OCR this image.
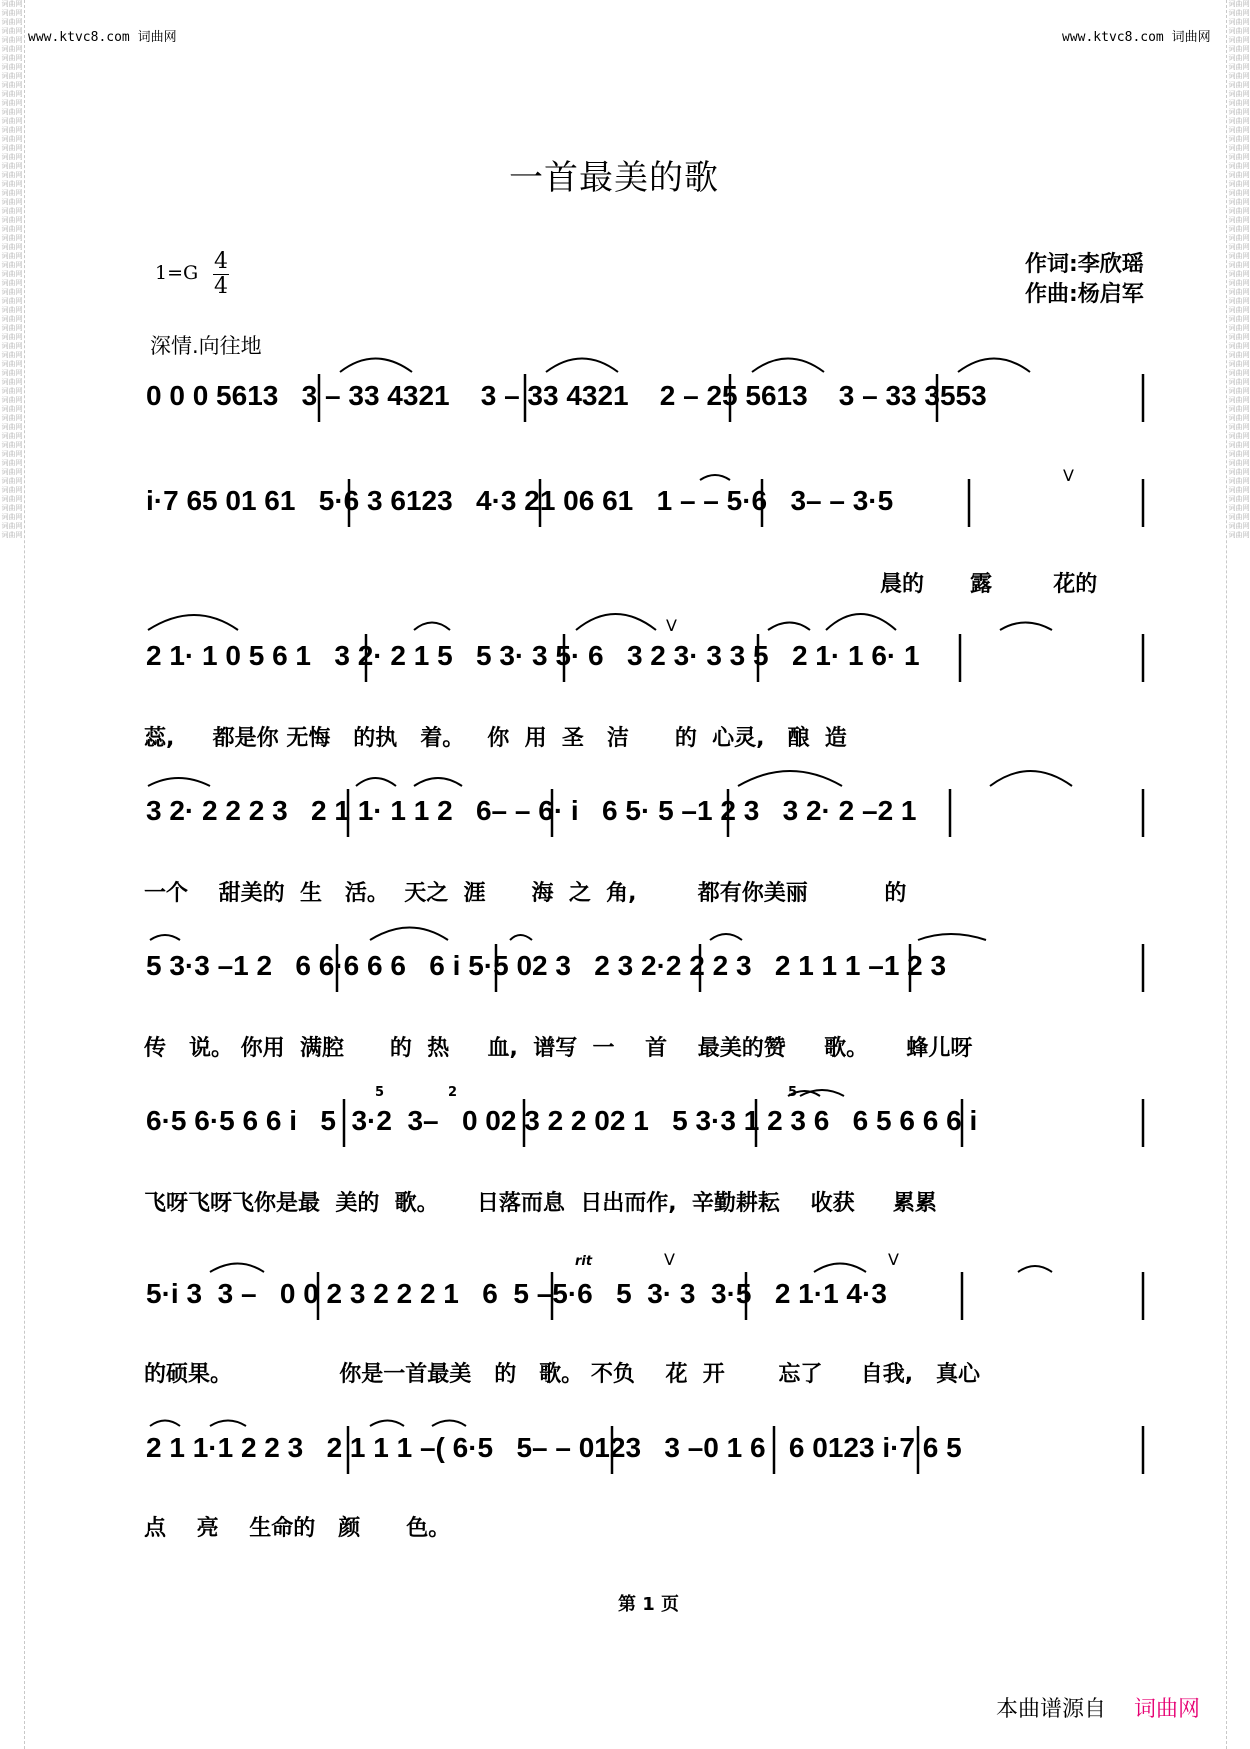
词曲网 词曲网 词曲网 词曲网 词曲网 词曲网 词曲网 词曲网 词曲网 词曲网 词曲网 词曲网 词曲网 词曲网 词曲网 词曲网 词曲网 词曲网 词曲网 词曲网 词曲网 词曲网 词曲网 词曲网 词曲网 词曲网 词曲网 词曲网 词曲网 词曲网 词曲网 词曲网 词曲网 词曲网 词曲网 词曲网 词曲网 词曲网 词曲网 词曲网 词曲网 词曲网 词曲网 词曲网 词曲网 词曲网 词曲网 词曲网 词曲网 词曲网 词曲网 词曲网 词曲网 词曲网 词曲网 词曲网 词曲网 词曲网 词曲网 词曲网
词曲网 词曲网 词曲网 词曲网 词曲网 词曲网 词曲网 词曲网 词曲网 词曲网 词曲网 词曲网 词曲网 词曲网 词曲网 词曲网 词曲网 词曲网 词曲网 词曲网 词曲网 词曲网 词曲网 词曲网 词曲网 词曲网 词曲网 词曲网 词曲网 词曲网 词曲网 词曲网 词曲网 词曲网 词曲网 词曲网 词曲网 词曲网 词曲网 词曲网 词曲网 词曲网 词曲网 词曲网 词曲网 词曲网 词曲网 词曲网 词曲网 词曲网 词曲网 词曲网 词曲网 词曲网 词曲网 词曲网 词曲网 词曲网 词曲网 词曲网
www.ktvc8.com 词曲网	www.ktvc8.com 词曲网
一首最美的歌
1=G 4
4
作词:李欣瑶
作曲:杨启军
深情.向往地
0 0 0 5613   3 – 33 4321    3 – 33 4321    2 – 25 5613    3 – 33 3553
i·7 65 01 61   5·6 3 6123   4·3 21 06 61   1 – – 5·6   3– – 3·5
晨的      露        花的
2 1· 1 0 5 6 1   3 2· 2 1 5   5 3· 3 5· 6   3 2 3· 3 3 5   2 1· 1 6· 1
蕊,     都是你 无悔   的执   着。   你  用  圣   洁      的  心灵,   酿  造
3 2· 2 2 2 3   2 1 1· 1 1 2   6– – 6· i   6 5· 5 –1 2 3   3 2· 2 –2 1
一个    甜美的  生   活。  天之  涯      海  之  角,        都有你美丽          的
5 3·3 –1 2   6 6·6 6 6   6 i 5·5 02 3   2 3 2·2 2 2 3   2 1 1 1 –1 2 3
传   说。 你用  满腔      的  热     血,  谱写  一    首    最美的赞     歌。     蜂儿呀
6·5 6·5 6 6 i   5  3·2  3–   0 02 3 2 2 02 1   5 3·3 1 2 3 6   6 5 6 6 6 i
飞呀飞呀飞你是最  美的  歌。     日落而息  日出而作,  辛勤耕耘    收获     累累
5·i 3  3 –   0 0 2 3 2 2 2 1   6  5 –5·6   5  3· 3  3·5   2 1·1 4·3
的硕果。              你是一首最美   的   歌。 不负    花  开       忘了     自我,   真心
2 1 1·1 2 2 3   2 1 1 1 –( 6·5   5– – 0123   3 –0 1 6   6 0123 i·7 6 5
点    亮    生命的   颜      色。
rit	V	V
V
V
5	2	5
第 1 页
本曲谱源自 词曲网
